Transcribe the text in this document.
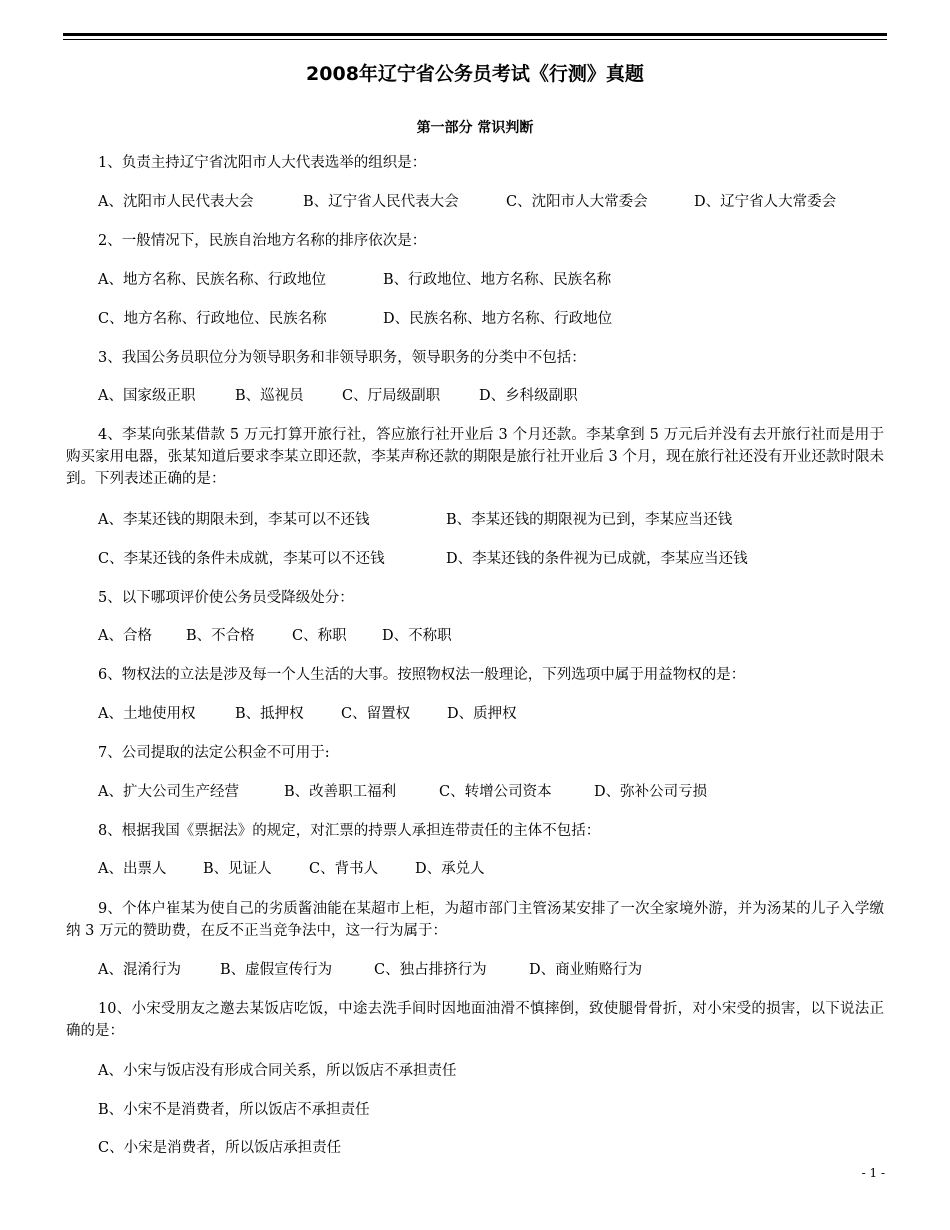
2008年辽宁省公务员考试《行测》真题
第一部分 常识判断
1、负责主持辽宁省沈阳市人大代表选举的组织是：
A、沈阳市人民代表大会	B、辽宁省人民代表大会	C、沈阳市人大常委会	D、辽宁省人大常委会
2、一般情况下，民族自治地方名称的排序依次是：
A、地方名称、民族名称、行政地位	B、行政地位、地方名称、民族名称
C、地方名称、行政地位、民族名称	D、民族名称、地方名称、行政地位
3、我国公务员职位分为领导职务和非领导职务，领导职务的分类中不包括：
A、国家级正职	B、巡视员	C、厅局级副职	D、乡科级副职
4、李某向张某借款 5 万元打算开旅行社，答应旅行社开业后 3 个月还款。李某拿到 5 万元后并没有去开旅行社而是用于购买家用电器，张某知道后要求李某立即还款，李某声称还款的期限是旅行社开业后 3 个月，现在旅行社还没有开业还款时限未到。下列表述正确的是：
A、李某还钱的期限未到，李某可以不还钱	B、李某还钱的期限视为已到，李某应当还钱
C、李某还钱的条件未成就，李某可以不还钱	D、李某还钱的条件视为已成就，李某应当还钱
5、以下哪项评价使公务员受降级处分：
A、合格 B、不合格	C、称职 D、不称职
6、物权法的立法是涉及每一个人生活的大事。按照物权法一般理论，下列选项中属于用益物权的是：
A、土地使用权	B、抵押权	C、留置权	D、质押权
7、公司提取的法定公积金不可用于:
A、扩大公司生产经营	B、改善职工福利	C、转增公司资本	D、弥补公司亏损
8、根据我国《票据法》的规定，对汇票的持票人承担连带责任的主体不包括：
A、出票人	B、见证人	C、背书人	D、承兑人
9、个体户崔某为使自己的劣质酱油能在某超市上柜，为超市部门主管汤某安排了一次全家境外游，并为汤某的儿子入学缴纳 3 万元的赞助费，在反不正当竞争法中，这一行为属于：
A、混淆行为	B、虚假宣传行为	C、独占排挤行为	D、商业贿赂行为
10、小宋受朋友之邀去某饭店吃饭，中途去洗手间时因地面油滑不慎摔倒，致使腿骨骨折，对小宋受的损害，以下说法正确的是：
A、小宋与饭店没有形成合同关系，所以饭店不承担责任
B、小宋不是消费者，所以饭店不承担责任
C、小宋是消费者，所以饭店承担责任
- 1 -
